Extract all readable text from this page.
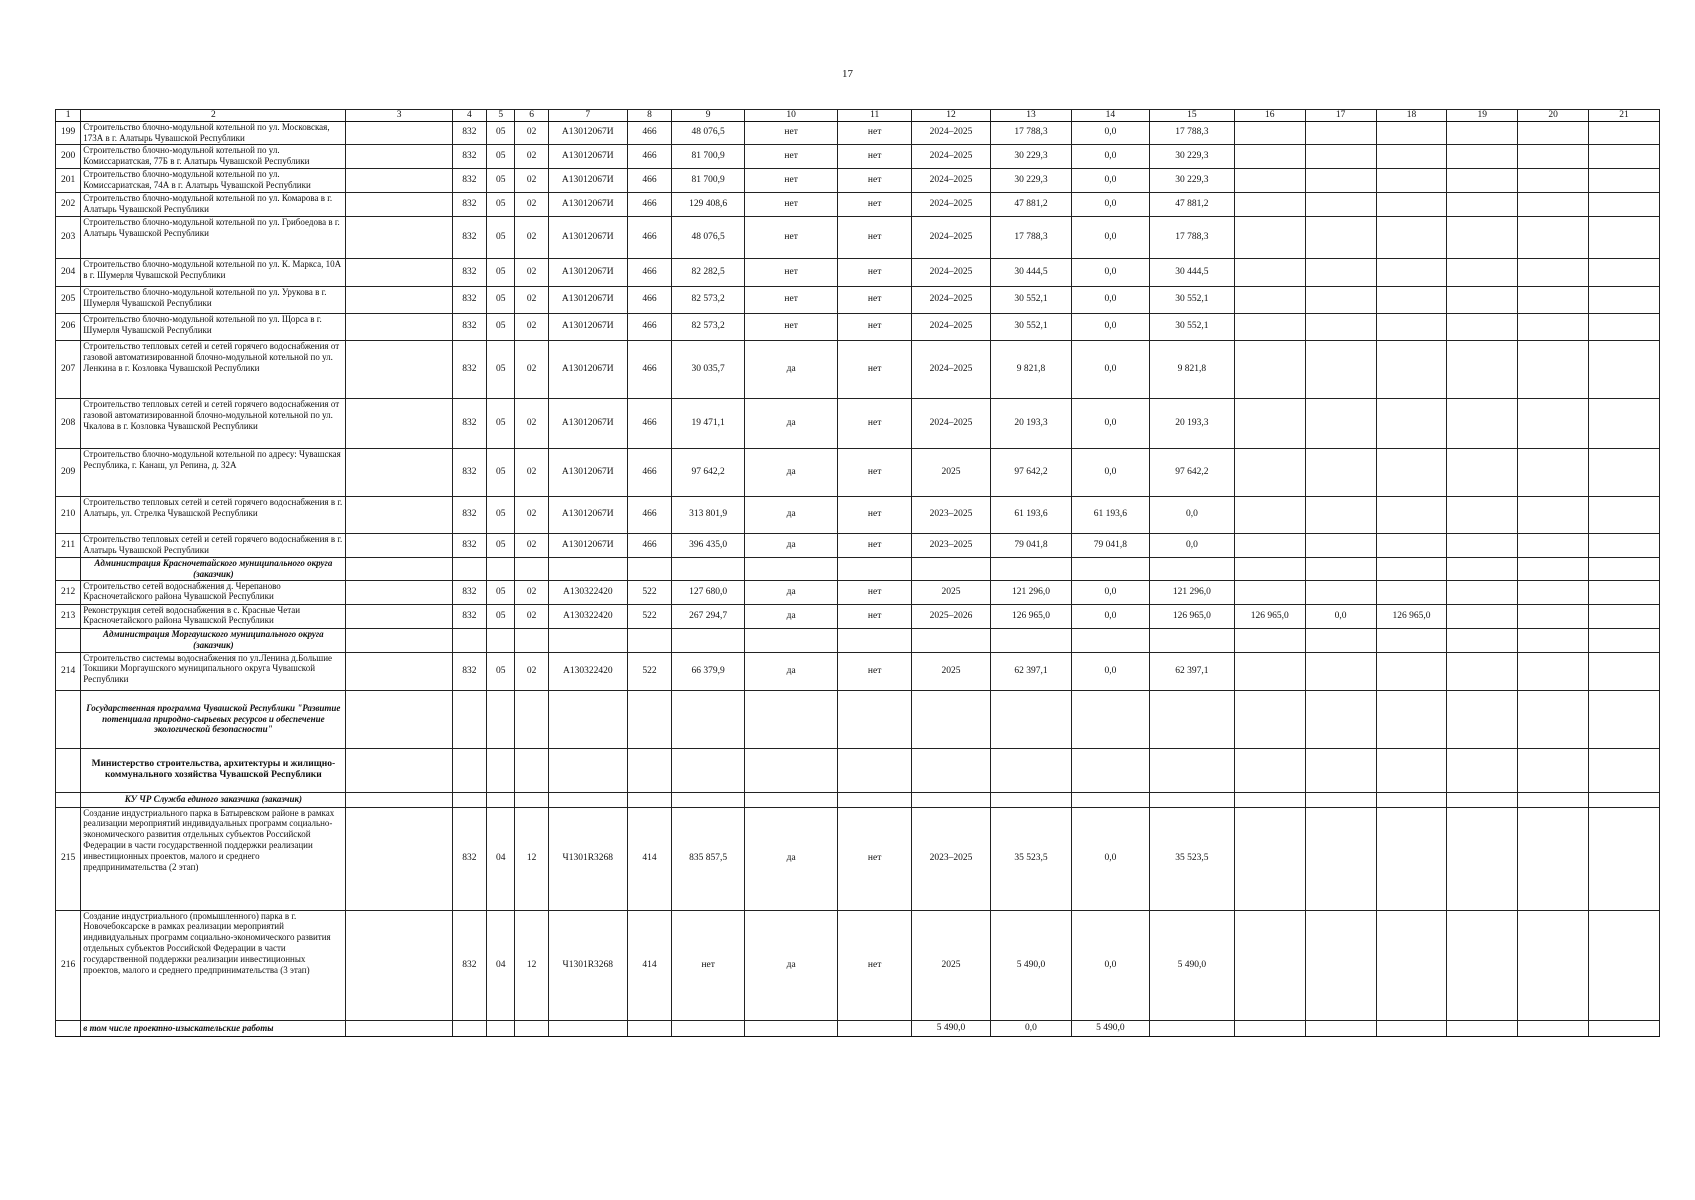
17
1	2	3	4	5	6	7	8	9	10	11	12	13	14	15	16	17	18	19	20	21
199	Строительство блочно-модульной котельной по ул. Московская, 173А в г. Алатырь Чувашской Республики		832	05	02	А13012067И	466	48 076,5	нет	нет	2024–2025	17 788,3	0,0	17 788,3						
200	Строительство блочно-модульной котельной по ул. Комиссариатская, 77Б в г. Алатырь Чувашской Республики		832	05	02	А13012067И	466	81 700,9	нет	нет	2024–2025	30 229,3	0,0	30 229,3						
201	Строительство блочно-модульной котельной по ул. Комиссариатская, 74А в г. Алатырь Чувашской Республики		832	05	02	А13012067И	466	81 700,9	нет	нет	2024–2025	30 229,3	0,0	30 229,3						
202	Строительство блочно-модульной котельной по ул. Комарова в г. Алатырь Чувашской Республики		832	05	02	А13012067И	466	129 408,6	нет	нет	2024–2025	47 881,2	0,0	47 881,2						
203	Строительство блочно-модульной котельной по ул. Грибоедова в г. Алатырь Чувашской Республики		832	05	02	А13012067И	466	48 076,5	нет	нет	2024–2025	17 788,3	0,0	17 788,3						
204	Строительство блочно-модульной котельной по ул. К. Маркса, 10А в г. Шумерля Чувашской Республики		832	05	02	А13012067И	466	82 282,5	нет	нет	2024–2025	30 444,5	0,0	30 444,5						
205	Строительство блочно-модульной котельной по ул. Урукова в г. Шумерля Чувашской Республики		832	05	02	А13012067И	466	82 573,2	нет	нет	2024–2025	30 552,1	0,0	30 552,1						
206	Строительство блочно-модульной котельной по ул. Щорса в г. Шумерля Чувашской Республики		832	05	02	А13012067И	466	82 573,2	нет	нет	2024–2025	30 552,1	0,0	30 552,1						
207	Строительство тепловых сетей и сетей горячего водоснабжения от газовой автоматизированной блочно-модульной котельной по ул. Ленкина в г. Козловка Чувашской Республики		832	05	02	А13012067И	466	30 035,7	да	нет	2024–2025	9 821,8	0,0	9 821,8						
208	Строительство тепловых сетей и сетей горячего водоснабжения от газовой автоматизированной блочно-модульной котельной по ул. Чкалова в г. Козловка Чувашской Республики		832	05	02	А13012067И	466	19 471,1	да	нет	2024–2025	20 193,3	0,0	20 193,3						
209	Строительство блочно-модульной котельной по адресу: Чувашская Республика, г. Канаш, ул Репина, д. 32А		832	05	02	А13012067И	466	97 642,2	да	нет	2025	97 642,2	0,0	97 642,2						
210	Строительство тепловых сетей и сетей горячего водоснабжения в г. Алатырь, ул. Стрелка Чувашской Республики		832	05	02	А13012067И	466	313 801,9	да	нет	2023–2025	61 193,6	61 193,6	0,0						
211	Строительство тепловых сетей и сетей горячего водоснабжения в г. Алатырь Чувашской Республики		832	05	02	А13012067И	466	396 435,0	да	нет	2023–2025	79 041,8	79 041,8	0,0						
	Администрация Красночетайского муниципального округа (заказчик)																			
212	Строительство сетей водоснабжения д. Черепаново Красночетайского района Чувашской Республики		832	05	02	А130322420	522	127 680,0	да	нет	2025	121 296,0	0,0	121 296,0						
213	Реконструкция сетей водоснабжения в с. Красные Четаи Красночетайского района Чувашской Республики		832	05	02	А130322420	522	267 294,7	да	нет	2025–2026	126 965,0	0,0	126 965,0	126 965,0	0,0	126 965,0			
	Администрация Моргаушского муниципального округа (заказчик)																			
214	Строительство системы водоснабжения по ул.Ленина д.Большие Токшики Моргаушского муниципального округа Чувашской Республики		832	05	02	А130322420	522	66 379,9	да	нет	2025	62 397,1	0,0	62 397,1						
	Государственная программа Чувашской Республики "Развитие потенциала природно-сырьевых ресурсов и обеспечение экологической безопасности"																			
	Министерство строительства, архитектуры и жилищно-коммунального хозяйства Чувашской Республики																			
	КУ ЧР Служба единого заказчика (заказчик)																			
215	Создание индустриального парка в Батыревском районе в рамках реализации мероприятий индивидуальных программ социально-экономического развития отдельных субъектов Российской Федерации в части государственной поддержки реализации инвестиционных проектов, малого и среднего предпринимательства (2 этап)		832	04	12	Ч1301R3268	414	835 857,5	да	нет	2023–2025	35 523,5	0,0	35 523,5						
216	Создание индустриального (промышленного) парка в г. Новочебоксарске в рамках реализации мероприятий индивидуальных программ социально-экономического развития отдельных субъектов Российской Федерации в части государственной поддержки реализации инвестиционных проектов, малого и среднего предпринимательства (3 этап)		832	04	12	Ч1301R3268	414	нет	да	нет	2025	5 490,0	0,0	5 490,0						
	в том числе проектно-изыскательские работы										5 490,0	0,0	5 490,0							
